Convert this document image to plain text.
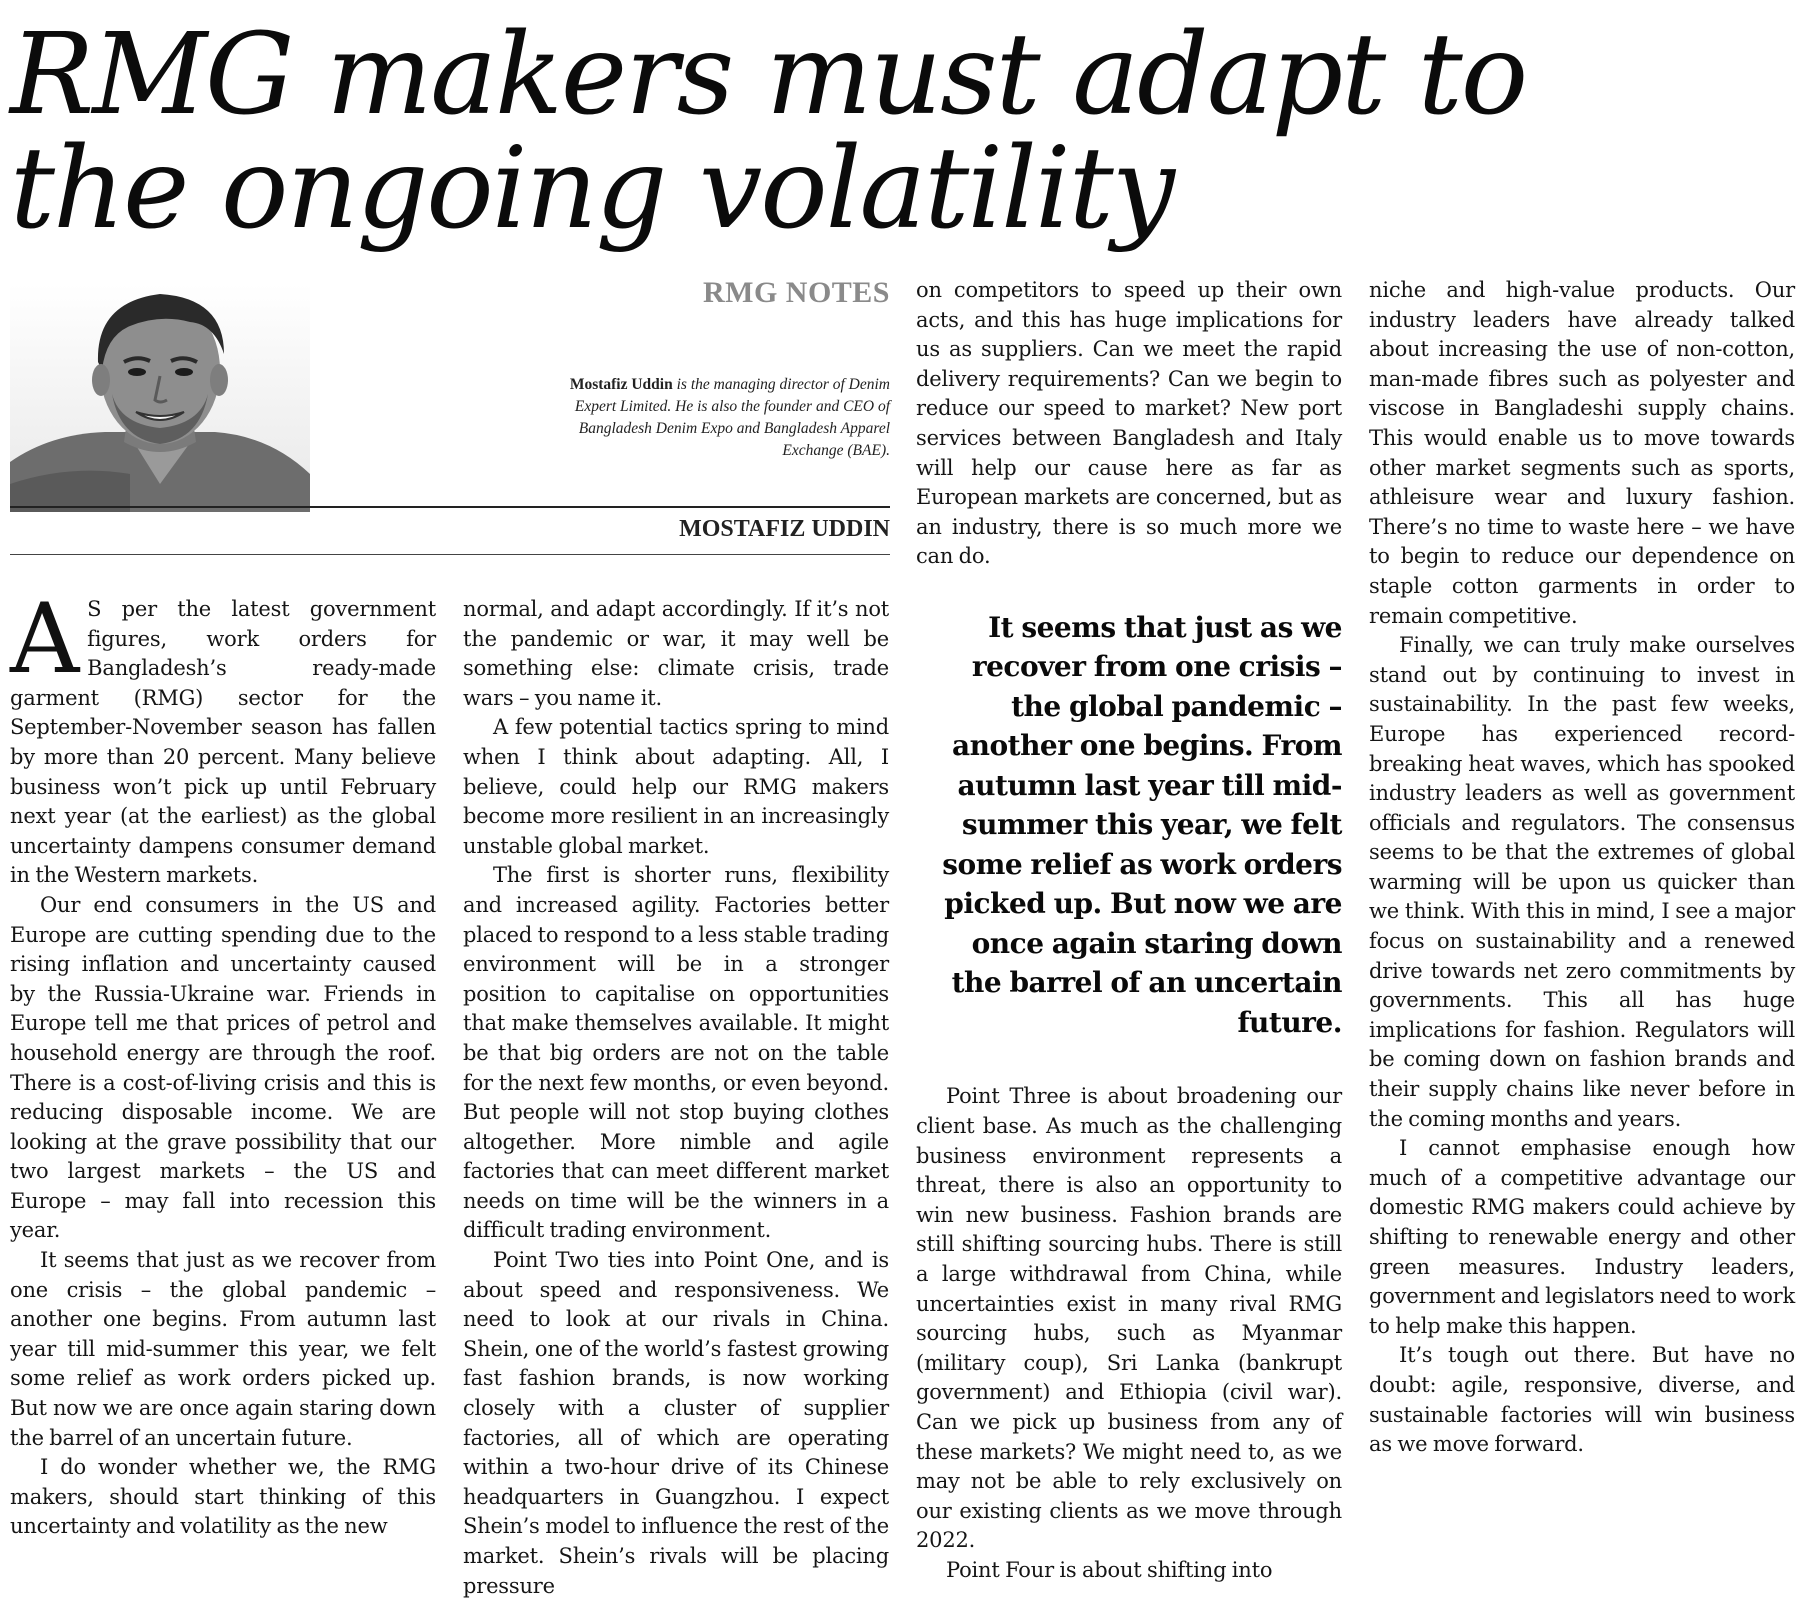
RMG makers must adapt to the ongoing volatility
RMG NOTES
Mostafiz Uddin is the managing director of Denim Expert Limited. He is also the founder and CEO of Bangladesh Denim Expo and Bangladesh Apparel Exchange (BAE).
MOSTAFIZ UDDIN

A S per the latest government figures, work orders for Bangladesh’s ready-made garment (RMG) sector for the September-November season has fallen by more than 20 percent. Many believe business won’t pick up until February next year (at the earliest) as the global uncertainty dampens consumer demand in the Western markets.

Our end consumers in the US and Europe are cutting spending due to the rising inflation and uncertainty caused by the Russia-Ukraine war. Friends in Europe tell me that prices of petrol and household energy are through the roof. There is a cost-of-living crisis and this is reducing disposable income. We are looking at the grave possibility that our two largest markets – the US and Europe – may fall into recession this year.

It seems that just as we recover from one crisis – the global pandemic – another one begins. From autumn last year till mid-summer this year, we felt some relief as work orders picked up. But now we are once again staring down the barrel of an uncertain future.

I do wonder whether we, the RMG makers, should start thinking of this uncertainty and volatility as the new

normal, and adapt accordingly. If it’s not the pandemic or war, it may well be something else: climate crisis, trade wars – you name it.

A few potential tactics spring to mind when I think about adapting. All, I believe, could help our RMG makers become more resilient in an increasingly unstable global market.

The first is shorter runs, flexibility and increased agility. Factories better placed to respond to a less stable trading environment will be in a stronger position to capitalise on opportunities that make themselves available. It might be that big orders are not on the table for the next few months, or even beyond. But people will not stop buying clothes altogether. More nimble and agile factories that can meet different market needs on time will be the winners in a difficult trading environment.

Point Two ties into Point One, and is about speed and responsiveness. We need to look at our rivals in China. Shein, one of the world’s fastest growing fast fashion brands, is now working closely with a cluster of supplier factories, all of which are operating within a two-hour drive of its Chinese headquarters in Guangzhou. I expect Shein’s model to influence the rest of the market. Shein’s rivals will be placing pressure

on competitors to speed up their own acts, and this has huge implications for us as suppliers. Can we meet the rapid delivery requirements? Can we begin to reduce our speed to market? New port services between Bangladesh and Italy will help our cause here as far as European markets are concerned, but as an industry, there is so much more we can do.

It seems that just as we recover from one crisis – the global pandemic – another one begins. From autumn last year till mid-summer this year, we felt some relief as work orders picked up. But now we are once again staring down the barrel of an uncertain future.

Point Three is about broadening our client base. As much as the challenging business environment represents a threat, there is also an opportunity to win new business. Fashion brands are still shifting sourcing hubs. There is still a large withdrawal from China, while uncertainties exist in many rival RMG sourcing hubs, such as Myanmar (military coup), Sri Lanka (bankrupt government) and Ethiopia (civil war). Can we pick up business from any of these markets? We might need to, as we may not be able to rely exclusively on our existing clients as we move through 2022.

Point Four is about shifting into

niche and high-value products. Our industry leaders have already talked about increasing the use of non-cotton, man-made fibres such as polyester and viscose in Bangladeshi supply chains. This would enable us to move towards other market segments such as sports, athleisure wear and luxury fashion. There’s no time to waste here – we have to begin to reduce our dependence on staple cotton garments in order to remain competitive.

Finally, we can truly make ourselves stand out by continuing to invest in sustainability. In the past few weeks, Europe has experienced record-breaking heat waves, which has spooked industry leaders as well as government officials and regulators. The consensus seems to be that the extremes of global warming will be upon us quicker than we think. With this in mind, I see a major focus on sustainability and a renewed drive towards net zero commitments by governments. This all has huge implications for fashion. Regulators will be coming down on fashion brands and their supply chains like never before in the coming months and years.

I cannot emphasise enough how much of a competitive advantage our domestic RMG makers could achieve by shifting to renewable energy and other green measures. Industry leaders, government and legislators need to work to help make this happen.

It’s tough out there. But have no doubt: agile, responsive, diverse, and sustainable factories will win business as we move forward.
